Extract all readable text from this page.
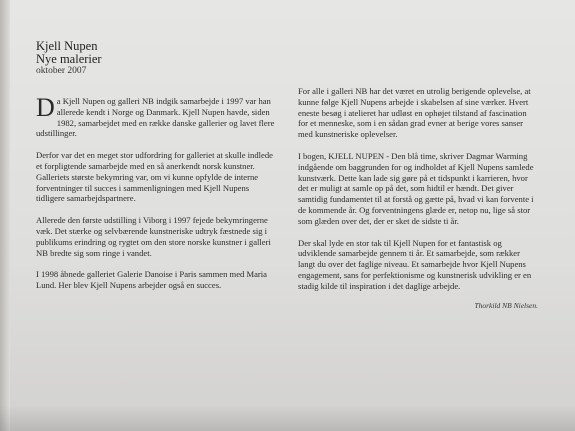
Kjell Nupen
Nye malerier
oktober 2007

Da Kjell Nupen og galleri NB indgik samarbejde i 1997 var han allerede kendt i Norge og Danmark. Kjell Nupen havde, siden 1982, samarbejdet med en række danske gallerier og lavet flere udstillinger.

Derfor var det en meget stor udfordring for galleriet at skulle indlede et forpligtende samarbejde med en så anerkendt norsk kunstner. Galleriets største bekymring var, om vi kunne opfylde de interne forventninger til succes i sammenligningen med Kjell Nupens tidligere samarbejdspartnere.

Allerede den første udstilling i Viborg i 1997 fejede bekymringerne væk. Det stærke og selvbærende kunstneriske udtryk fæstnede sig i publikums erindring og rygtet om den store norske kunstner i galleri NB bredte sig som ringe i vandet.

I 1998 åbnede galleriet Galerie Danoise i Paris sammen med Maria Lund. Her blev Kjell Nupens arbejder også en succes.

For alle i galleri NB har det været en utrolig berigende oplevelse, at kunne følge Kjell Nupens arbejde i skabelsen af sine værker. Hvert eneste besøg i atelieret har udløst en ophøjet tilstand af fascination for et menneske, som i en sådan grad evner at berige vores sanser med kunstneriske oplevelser.

I bogen, KJELL NUPEN - Den blå time, skriver Dagmar Warming indgående om baggrunden for og indholdet af Kjell Nupens samlede kunstværk. Dette kan lade sig gøre på et tidspunkt i karrieren, hvor det er muligt at samle op på det, som hidtil er hændt. Det giver samtidig fundamentet til at forstå og gætte på, hvad vi kan forvente i de kommende år. Og forventningens glæde er, netop nu, lige så stor som glæden over det, der er sket de sidste ti år.

Der skal lyde en stor tak til Kjell Nupen for et fantastisk og udviklende samarbejde gennem ti år. Et samarbejde, som rækker langt du over det faglige niveau. Et samarbejde hvor Kjell Nupens engagement, sans for perfektionisme og kunstnerisk udvikling er en stadig kilde til inspiration i det daglige arbejde.

Thorkild NB Nielsen.
